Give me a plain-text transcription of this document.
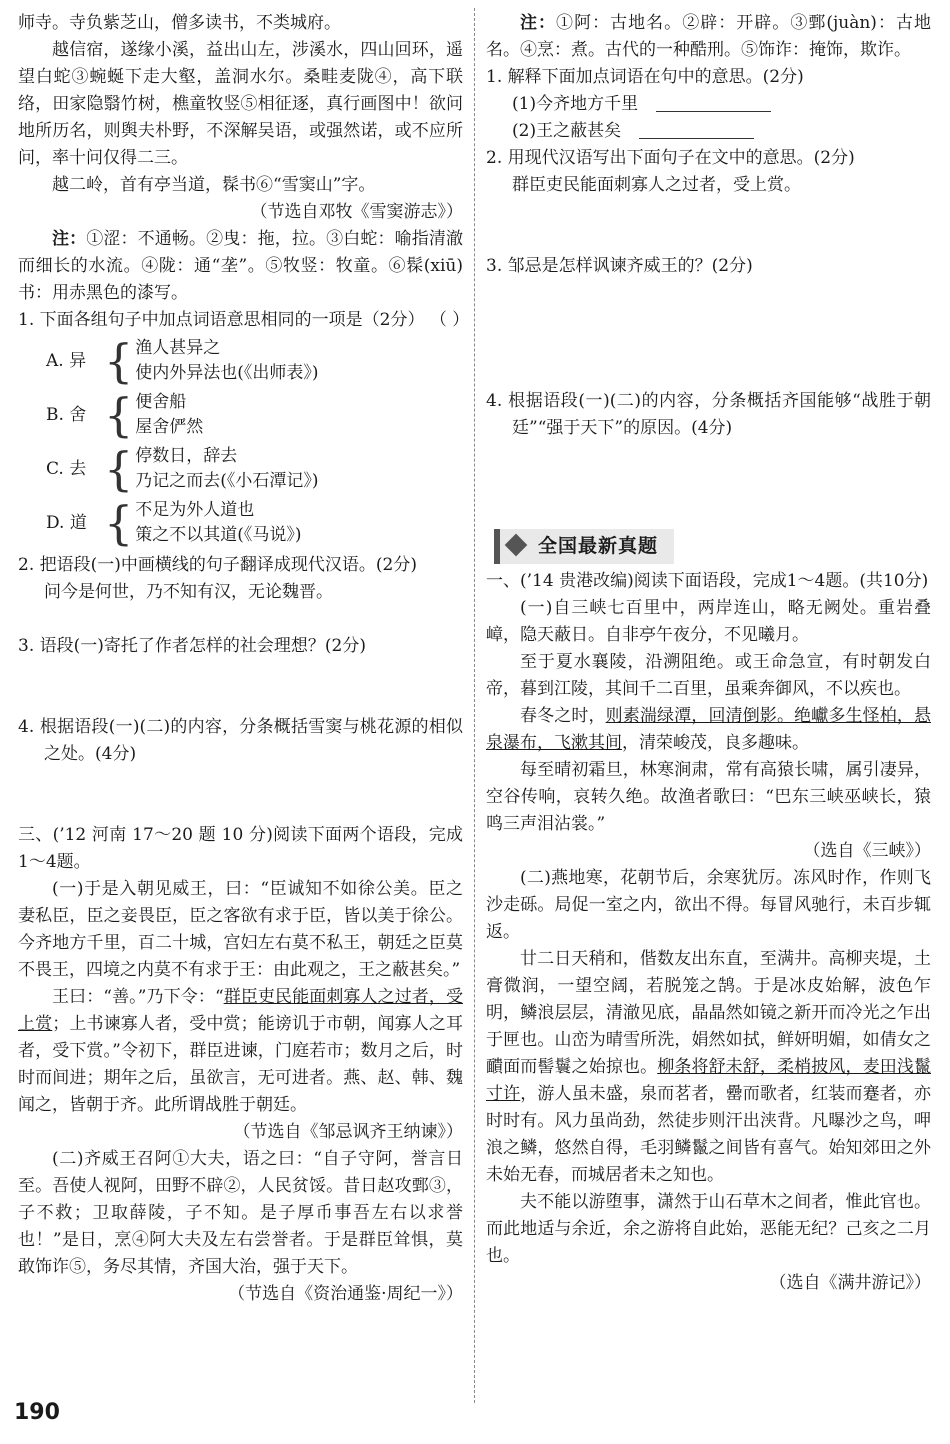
师寺。寺负紫芝山，僧多读书，不类城府。

越信宿，遂缘小溪，益出山左，涉溪水，四山回环，遥望白蛇③蜿蜒下走大壑，盖洞水尔。桑畦麦陇④，高下联络，田家隐翳竹树，樵童牧竖⑤相征逐，真行画图中！欲问地所历名，则舆夫朴野，不深解吴语，或强然诺，或不应所问，率十问仅得二三。

越二岭，首有亭当道，髹书⑥“雪窦山”字。

（节选自邓牧《雪窦游志》）

注：①涩：不通畅。②曳：拖，拉。③白蛇：喻指清澈而细长的水流。④陇：通“垄”。⑤牧竖：牧童。⑥髹(xiū)书：用赤黑色的漆写。

1. 下面各组句子中加点词语意思相同的一项是（2分） （ ）

A. 异 { 渔人甚异之

使内外异法也(《出师表》)

B. 舍 { 便舍船

屋舍俨然

C. 去 { 停数日，辞去

乃记之而去(《小石潭记》)

D. 道 { 不足为外人道也

策之不以其道(《马说》)

2. 把语段(一)中画横线的句子翻译成现代汉语。(2分)

问今是何世，乃不知有汉，无论魏晋。

3. 语段(一)寄托了作者怎样的社会理想？(2分)

4. 根据语段(一)(二)的内容，分条概括雪窦与桃花源的相似之处。(4分)

三、(’12 河南 17～20 题 10 分)阅读下面两个语段，完成1～4题。

(一)于是入朝见威王，曰：“臣诚知不如徐公美。臣之妻私臣，臣之妾畏臣，臣之客欲有求于臣，皆以美于徐公。今齐地方千里，百二十城，宫妇左右莫不私王，朝廷之臣莫不畏王，四境之内莫不有求于王：由此观之，王之蔽甚矣。”

王曰：“善。”乃下令：“群臣吏民能面刺寡人之过者，受上赏；上书谏寡人者，受中赏；能谤讥于市朝，闻寡人之耳者，受下赏。”令初下，群臣进谏，门庭若市；数月之后，时时而间进；期年之后，虽欲言，无可进者。燕、赵、韩、魏闻之，皆朝于齐。此所谓战胜于朝廷。

（节选自《邹忌讽齐王纳谏》）

(二)齐威王召阿①大夫，语之曰：“自子守阿，誉言日至。吾使人视阿，田野不辟②，人民贫馁。昔日赵攻鄄③，子不救；卫取薛陵，子不知。是子厚币事吾左右以求誉也！”是日，烹④阿大夫及左右尝誉者。于是群臣耸惧，莫敢饰诈⑤，务尽其情，齐国大治，强于天下。

（节选自《资治通鉴·周纪一》）

注：①阿：古地名。②辟：开辟。③鄄(juàn)：古地名。④烹：煮。古代的一种酷刑。⑤饰诈：掩饰，欺诈。

1. 解释下面加点词语在句中的意思。(2分)

(1)今齐地方千里

(2)王之蔽甚矣

2. 用现代汉语写出下面句子在文中的意思。(2分)

群臣吏民能面刺寡人之过者，受上赏。

3. 邹忌是怎样讽谏齐威王的？(2分)

4. 根据语段(一)(二)的内容，分条概括齐国能够“战胜于朝廷”“强于天下”的原因。(4分)

全国最新真题

一、(’14 贵港改编)阅读下面语段，完成1～4题。(共10分)

(一)自三峡七百里中，两岸连山，略无阙处。重岩叠嶂，隐天蔽日。自非亭午夜分，不见曦月。

至于夏水襄陵，沿溯阻绝。或王命急宣，有时朝发白帝，暮到江陵，其间千二百里，虽乘奔御风，不以疾也。

春冬之时，则素湍绿潭，回清倒影。绝巘多生怪柏，悬泉瀑布，飞漱其间，清荣峻茂，良多趣味。

每至晴初霜旦，林寒涧肃，常有高猿长啸，属引凄异，空谷传响，哀转久绝。故渔者歌曰：“巴东三峡巫峡长，猿鸣三声泪沾裳。”

（选自《三峡》）

(二)燕地寒，花朝节后，余寒犹厉。冻风时作，作则飞沙走砾。局促一室之内，欲出不得。每冒风驰行，未百步辄返。

廿二日天稍和，偕数友出东直，至满井。高柳夹堤，土膏微润，一望空阔，若脱笼之鹄。于是冰皮始解，波色乍明，鳞浪层层，清澈见底，晶晶然如镜之新开而冷光之乍出于匣也。山峦为晴雪所洗，娟然如拭，鲜妍明媚，如倩女之靧面而髻鬟之始掠也。柳条将舒未舒，柔梢披风，麦田浅鬣寸许，游人虽未盛，泉而茗者，罍而歌者，红装而蹇者，亦时时有。风力虽尚劲，然徒步则汗出浃背。凡曝沙之鸟，呷浪之鳞，悠然自得，毛羽鳞鬣之间皆有喜气。始知郊田之外未始无春，而城居者未之知也。

夫不能以游堕事，潇然于山石草木之间者，惟此官也。而此地适与余近，余之游将自此始，恶能无纪？己亥之二月也。

（选自《满井游记》）

190
